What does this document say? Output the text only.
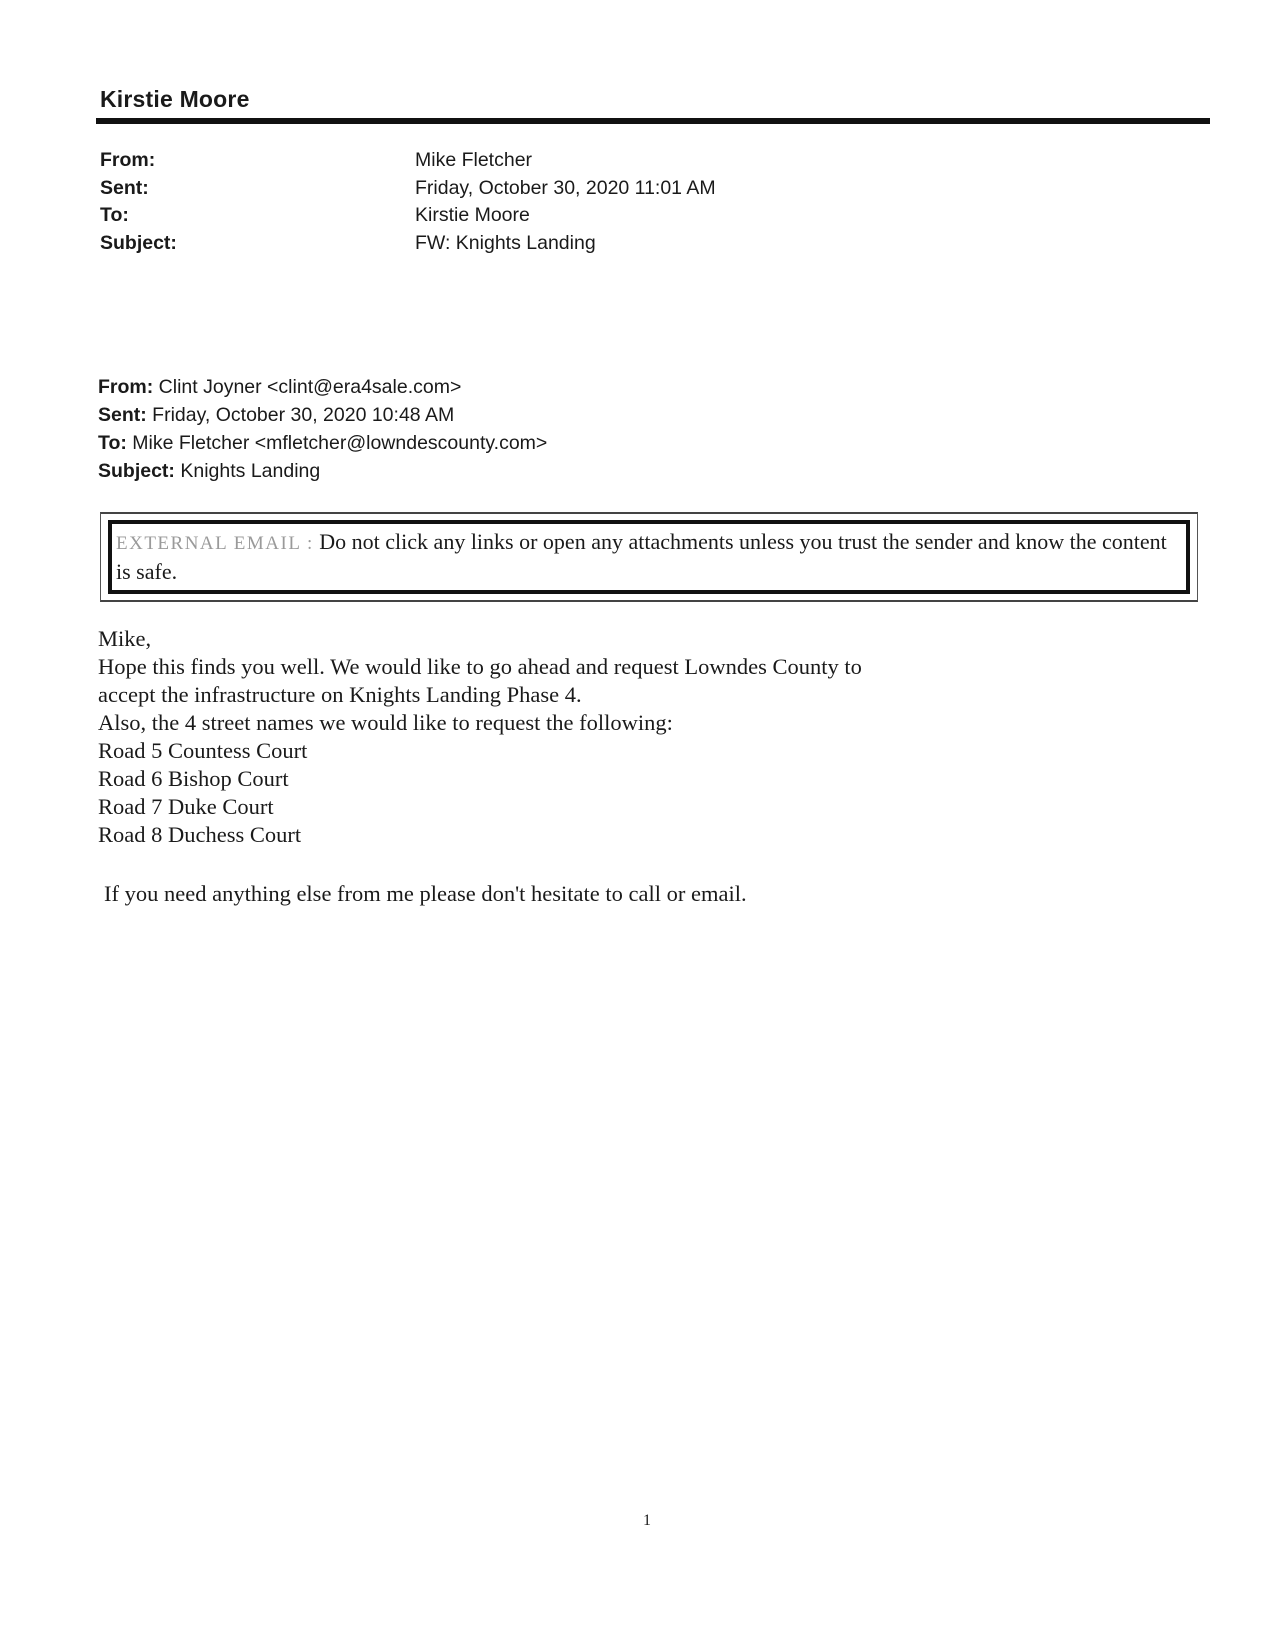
Kirstie Moore
From:	Mike Fletcher
Sent:	Friday, October 30, 2020 11:01 AM
To:	Kirstie Moore
Subject:	FW: Knights Landing
From: Clint Joyner <clint@era4sale.com>
Sent: Friday, October 30, 2020 10:48 AM
To: Mike Fletcher <mfletcher@lowndescounty.com>
Subject: Knights Landing
EXTERNAL EMAIL : Do not click any links or open any attachments unless you trust the sender and know the content is safe.
Mike,
Hope this finds you well. We would like to go ahead and request Lowndes County to
accept the infrastructure on Knights Landing Phase 4.
Also, the 4 street names we would like to request the following:
Road 5 Countess Court
Road 6 Bishop Court
Road 7 Duke Court
Road 8 Duchess Court
If you need anything else from me please don't hesitate to call or email.
1
